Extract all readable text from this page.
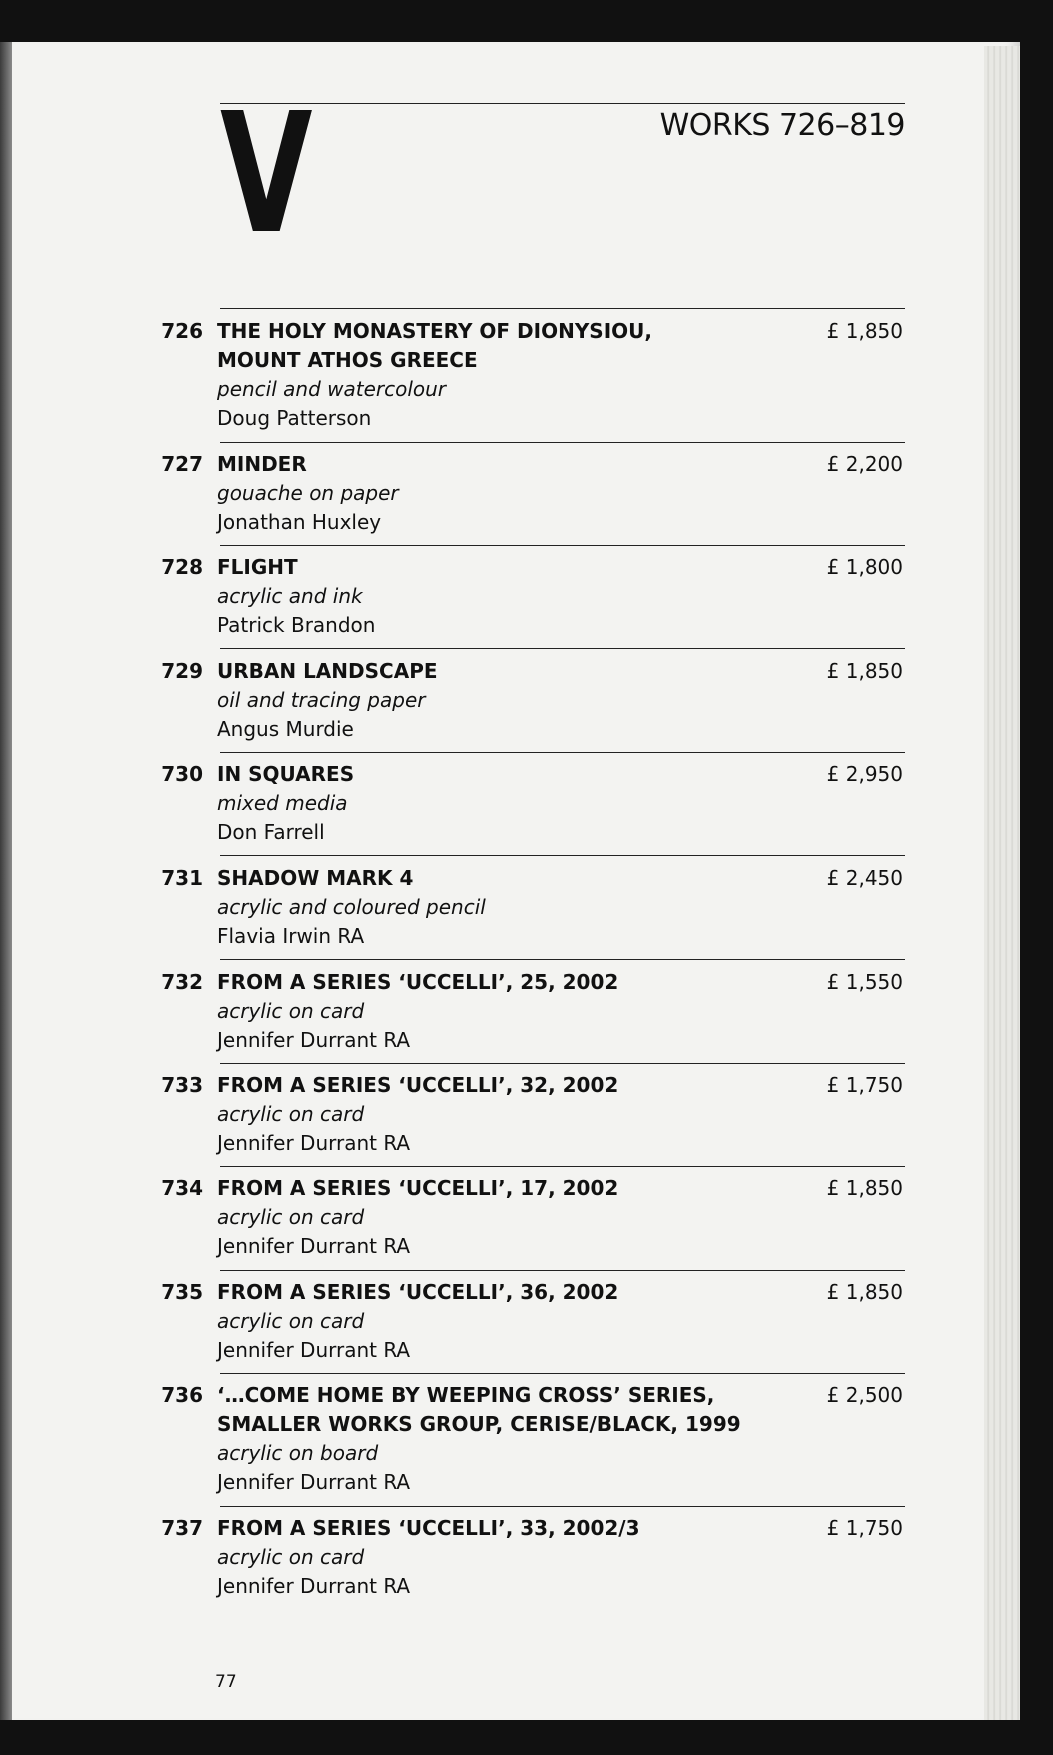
V	WORKS 726–819
726 THE HOLY MONASTERY OF DIONYSIOU,
MOUNT ATHOS GREECE
pencil and watercolour
Doug Patterson
£ 1,850
727 MINDER
gouache on paper
Jonathan Huxley
£ 2,200
728 FLIGHT
acrylic and ink
Patrick Brandon
£ 1,800
729 URBAN LANDSCAPE
oil and tracing paper
Angus Murdie
£ 1,850
730 IN SQUARES
mixed media
Don Farrell
£ 2,950
731 SHADOW MARK 4
acrylic and coloured pencil
Flavia Irwin RA
£ 2,450
732 FROM A SERIES ‘UCCELLI’, 25, 2002
acrylic on card
Jennifer Durrant RA
£ 1,550
733 FROM A SERIES ‘UCCELLI’, 32, 2002
acrylic on card
Jennifer Durrant RA
£ 1,750
734 FROM A SERIES ‘UCCELLI’, 17, 2002
acrylic on card
Jennifer Durrant RA
£ 1,850
735 FROM A SERIES ‘UCCELLI’, 36, 2002
acrylic on card
Jennifer Durrant RA
£ 1,850
736 ‘…COME HOME BY WEEPING CROSS’ SERIES,
SMALLER WORKS GROUP, CERISE/BLACK, 1999
acrylic on board
Jennifer Durrant RA
£ 2,500
737 FROM A SERIES ‘UCCELLI’, 33, 2002/3
acrylic on card
Jennifer Durrant RA
£ 1,750
77
